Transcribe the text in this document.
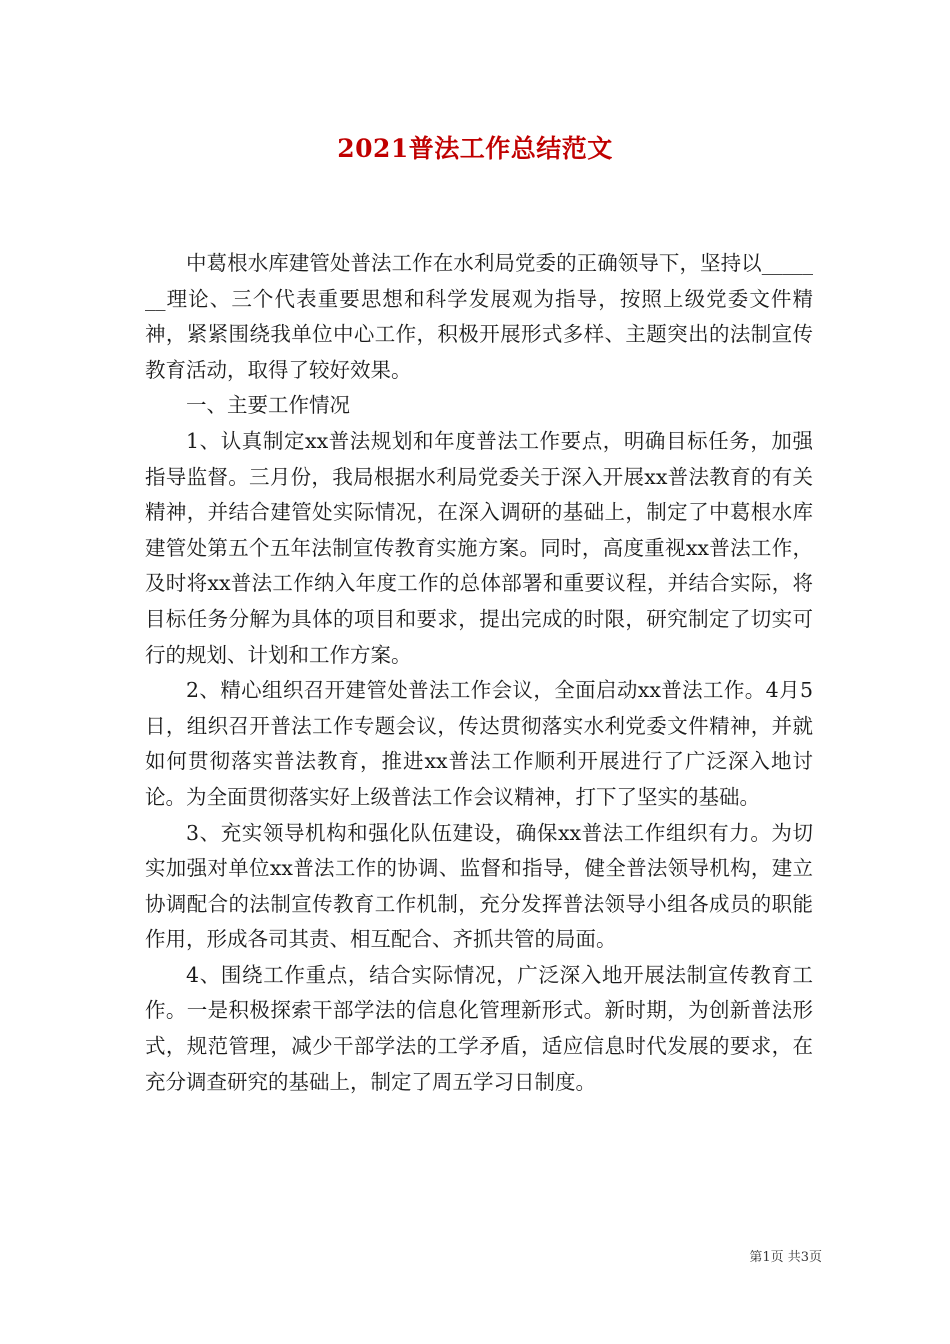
2021普法工作总结范文

中葛根水库建管处普法工作在水利局党委的正确领导下，坚持以_______理论、三个代表重要思想和科学发展观为指导，按照上级党委文件精神，紧紧围绕我单位中心工作，积极开展形式多样、主题突出的法制宣传教育活动，取得了较好效果。

一、主要工作情况

1、认真制定xx普法规划和年度普法工作要点，明确目标任务，加强指导监督。三月份，我局根据水利局党委关于深入开展xx普法教育的有关精神，并结合建管处实际情况，在深入调研的基础上，制定了中葛根水库建管处第五个五年法制宣传教育实施方案。同时，高度重视xx普法工作，及时将xx普法工作纳入年度工作的总体部署和重要议程，并结合实际，将目标任务分解为具体的项目和要求，提出完成的时限，研究制定了切实可行的规划、计划和工作方案。

2、精心组织召开建管处普法工作会议，全面启动xx普法工作。4月5日，组织召开普法工作专题会议，传达贯彻落实水利党委文件精神，并就如何贯彻落实普法教育，推进xx普法工作顺利开展进行了广泛深入地讨论。为全面贯彻落实好上级普法工作会议精神，打下了坚实的基础。

3、充实领导机构和强化队伍建设，确保xx普法工作组织有力。为切实加强对单位xx普法工作的协调、监督和指导，健全普法领导机构，建立协调配合的法制宣传教育工作机制，充分发挥普法领导小组各成员的职能作用，形成各司其责、相互配合、齐抓共管的局面。

4、围绕工作重点，结合实际情况，广泛深入地开展法制宣传教育工作。一是积极探索干部学法的信息化管理新形式。新时期，为创新普法形式，规范管理，减少干部学法的工学矛盾，适应信息时代发展的要求，在充分调查研究的基础上，制定了周五学习日制度。

第1页 共3页
